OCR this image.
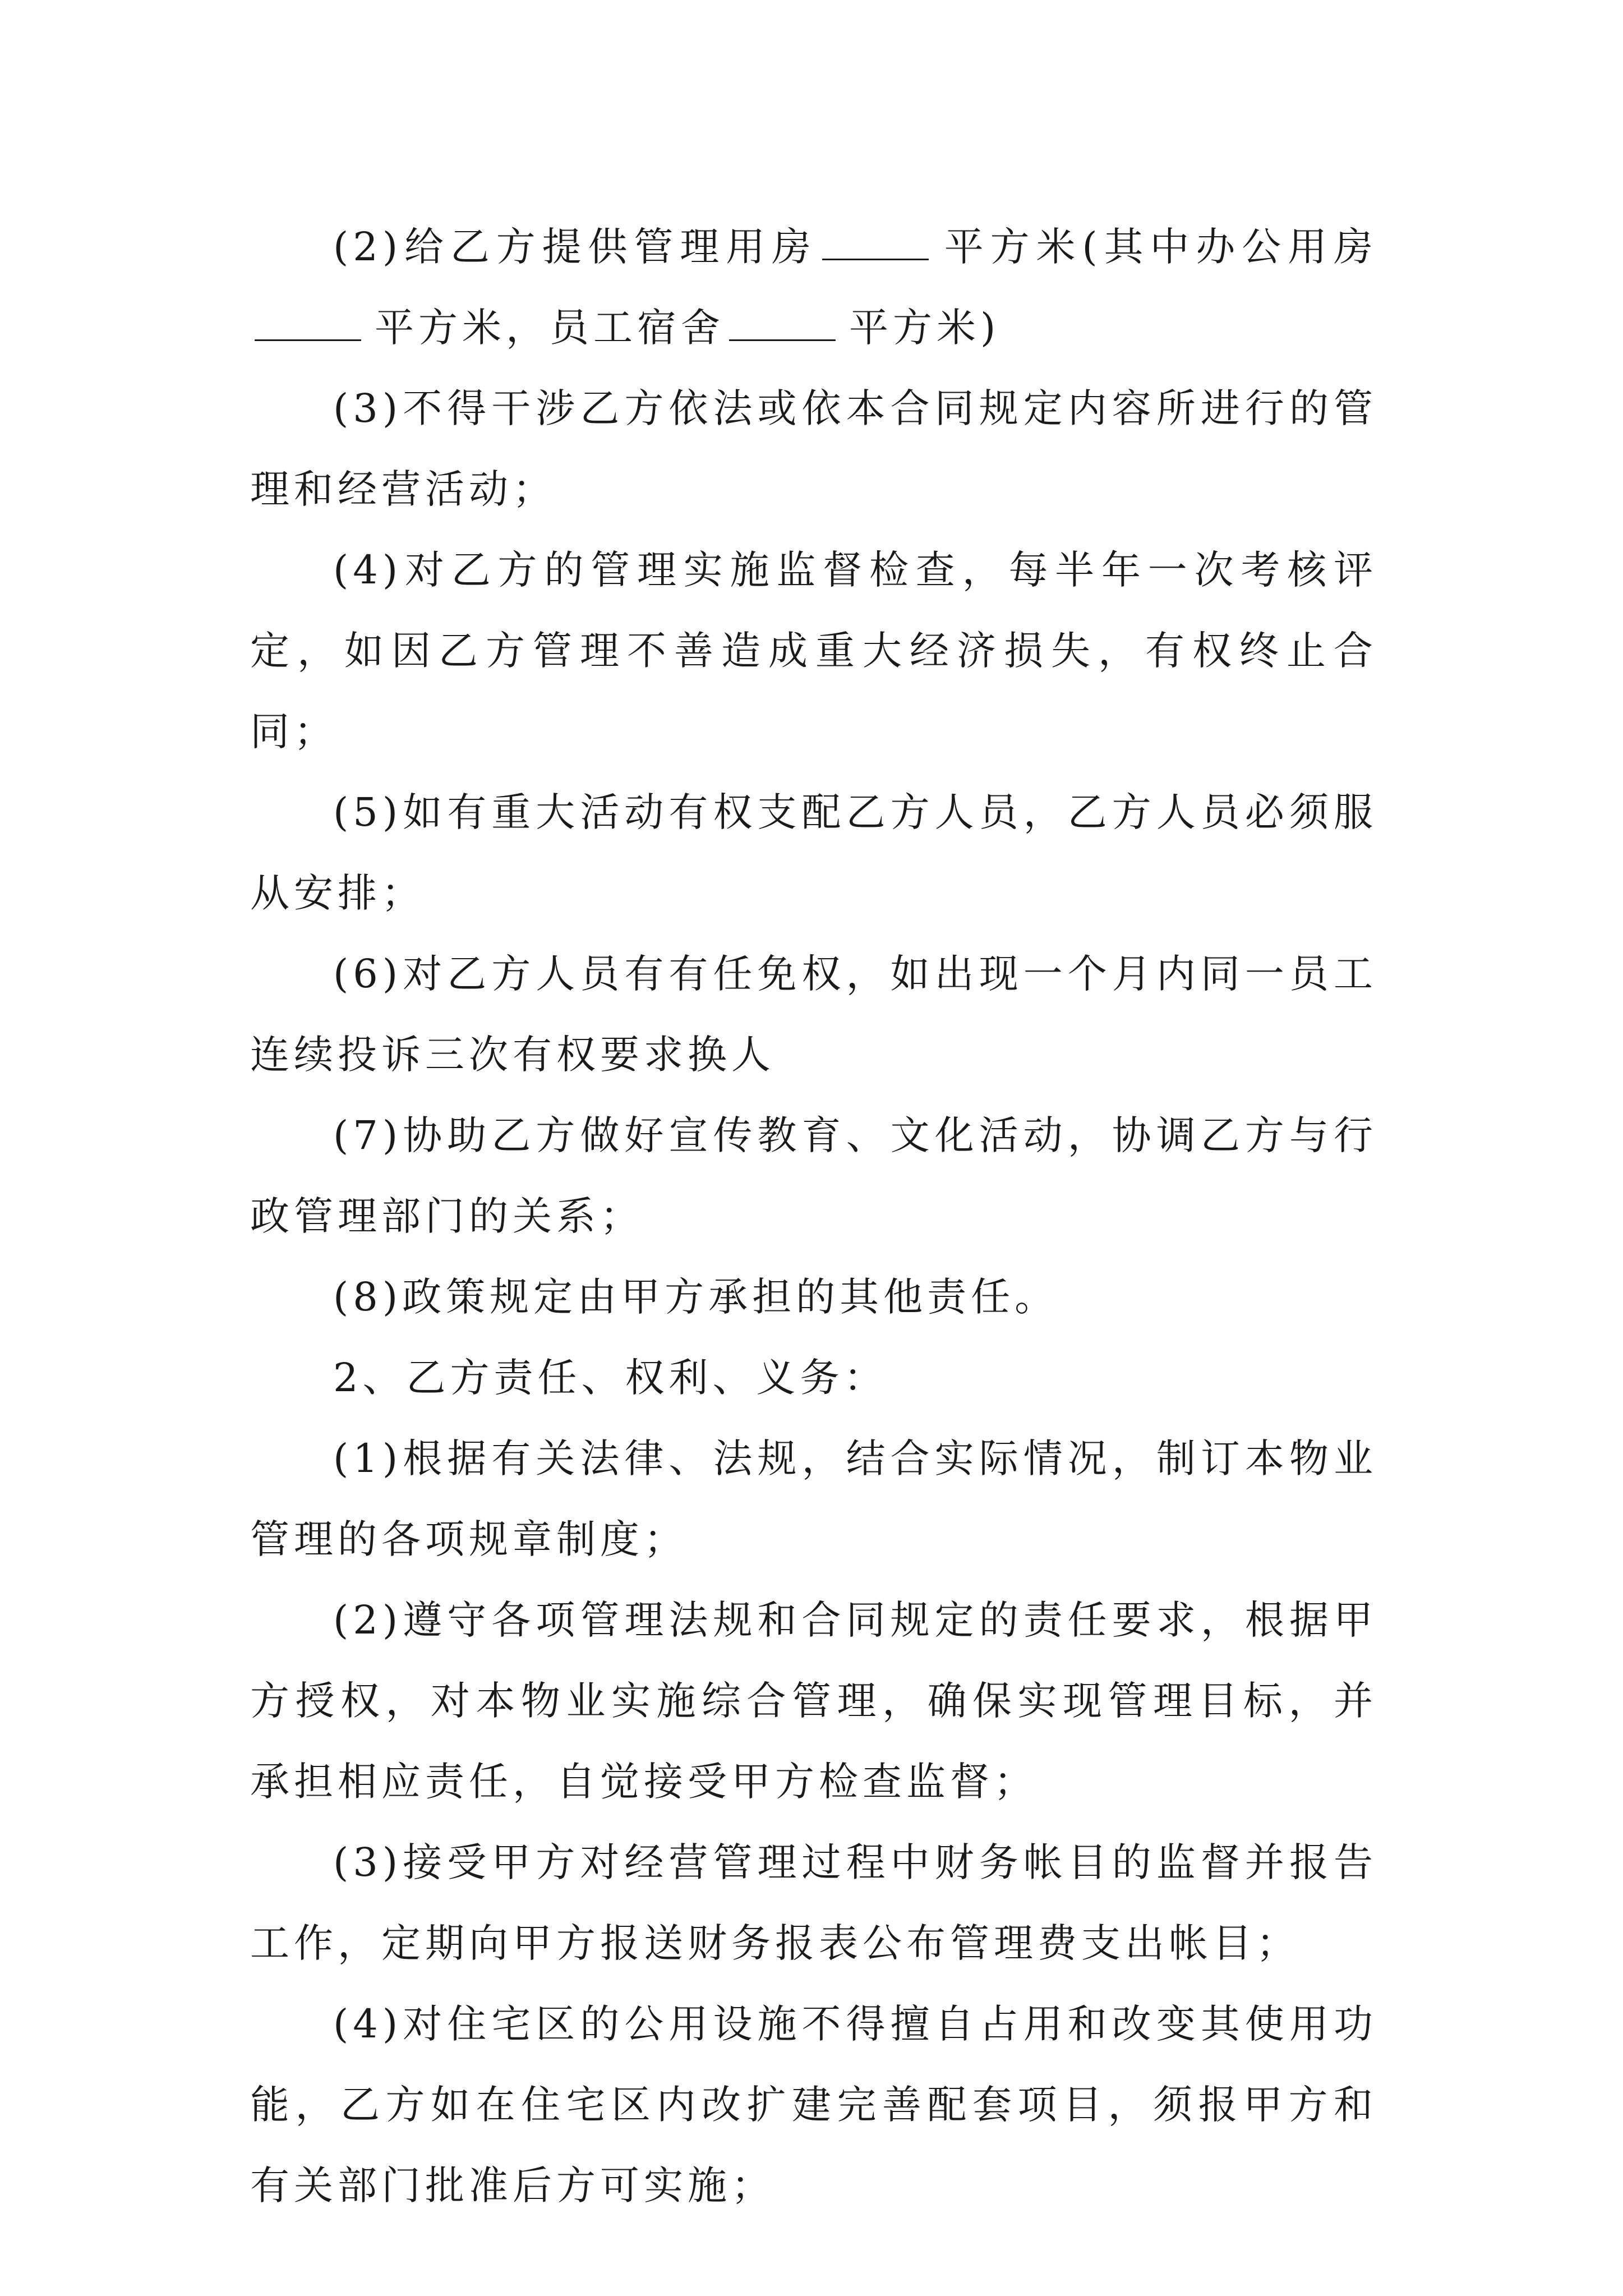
(2)给乙方提供管理用房	平方米(其中办公用房平方米，员工宿舍	平方米)

(3)不得干涉乙方依法或依本合同规定内容所进行的管理和经营活动；

(4)对乙方的管理实施监督检查，每半年一次考核评定，如因乙方管理不善造成重大经济损失，有权终止合同；

(5)如有重大活动有权支配乙方人员，乙方人员必须服从安排；

(6)对乙方人员有有任免权，如出现一个月内同一员工连续投诉三次有权要求换人

(7)协助乙方做好宣传教育、文化活动，协调乙方与行政管理部门的关系；

(8)政策规定由甲方承担的其他责任。

2、乙方责任、权利、义务：

(1)根据有关法律、法规，结合实际情况，制订本物业管理的各项规章制度；

(2)遵守各项管理法规和合同规定的责任要求，根据甲方授权，对本物业实施综合管理，确保实现管理目标，并承担相应责任，自觉接受甲方检查监督；

(3)接受甲方对经营管理过程中财务帐目的监督并报告工作，定期向甲方报送财务报表公布管理费支出帐目；

(4)对住宅区的公用设施不得擅自占用和改变其使用功能，乙方如在住宅区内改扩建完善配套项目，须报甲方和有关部门批准后方可实施；
